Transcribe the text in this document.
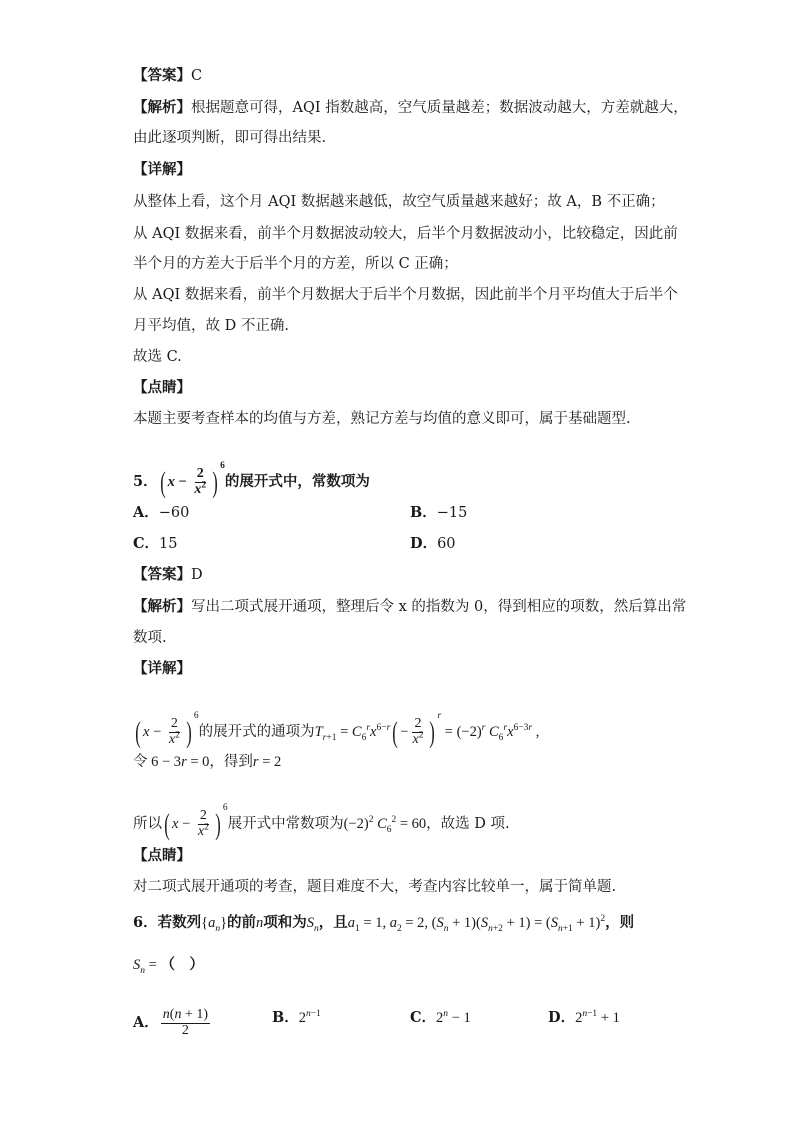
【答案】C
【解析】根据题意可得，AQI 指数越高，空气质量越差；数据波动越大，方差就越大，
由此逐项判断，即可得出结果.
【详解】
从整体上看，这个月 AQI 数据越来越低，故空气质量越来越好；故 A，B 不正确；
从 AQI 数据来看，前半个月数据波动较大，后半个月数据波动小，比较稳定，因此前
半个月的方差大于后半个月的方差，所以 C 正确；
从 AQI 数据来看，前半个月数据大于后半个月数据，因此前半个月平均值大于后半个
月平均值，故 D 不正确.
故选 C.
【点睛】
本题主要考查样本的均值与方差，熟记方差与均值的意义即可，属于基础题型.
5．( $x - \frac{2}{x^2}$ ) $^6$的展开式中，常数项为
A．−60	B．−15
C．15	D．60
【答案】D
【解析】写出二项式展开通项，整理后令 x 的指数为 0，得到相应的项数，然后算出常
数项.
【详解】
( $x - \frac{2}{x^2}$ ) $^6$的展开式的通项为$T_{r+1} = C_6^rx^{6-r}( - \frac{2}{x^2}$ ) $^r = (-2)^r$ $C_6^rx^{6-3r}$ ,
令 6 − 3r = 0，得到r = 2
所以( $x - \frac{2}{x^2}$ ) $^6$展开式中常数项为$(-2)^2$ $C_6^2 = 60$，故选 D 项.
【点睛】
对二项式展开通项的考查，题目难度不大，考查内容比较单一，属于简单题.
6．若数列$\{a_n\}$的前n项和为$S_n$，且$a_1 = 1$, $a_2 = 2$, $(S_n + 1)(S_{n+2} + 1) = (S_{n+1} + 1)^2$，则
$S_n$ = （　）
A． $\frac{n(n + 1)}{2}$	B．$2^{n-1}$	C．$2^n - 1$	D．$2^{n-1} + 1$
